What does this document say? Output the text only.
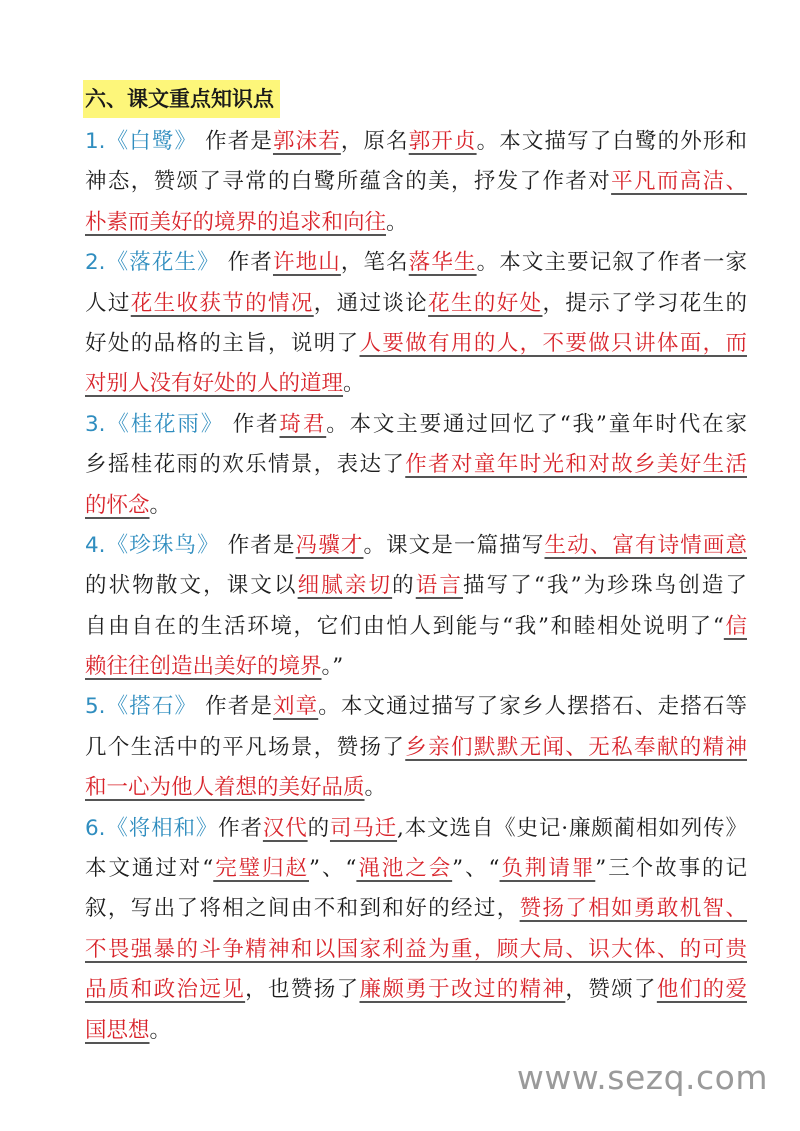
六、课文重点知识点
1.《白鹭》 作者是郭沫若，原名郭开贞。本文描写了白鹭的外形和
神态，赞颂了寻常的白鹭所蕴含的美，抒发了作者对平凡而高洁、
朴素而美好的境界的追求和向往。
2.《落花生》 作者许地山，笔名落华生。本文主要记叙了作者一家
人过花生收获节的情况，通过谈论花生的好处，提示了学习花生的
好处的品格的主旨，说明了人要做有用的人，不要做只讲体面，而
对别人没有好处的人的道理。
3.《桂花雨》 作者琦君。本文主要通过回忆了“我”童年时代在家
乡摇桂花雨的欢乐情景，表达了作者对童年时光和对故乡美好生活
的怀念。
4.《珍珠鸟》 作者是冯骥才。课文是一篇描写生动、富有诗情画意
的状物散文，课文以细腻亲切的语言描写了“我”为珍珠鸟创造了
自由自在的生活环境，它们由怕人到能与“我”和睦相处说明了“信
赖往往创造出美好的境界。”
5.《搭石》 作者是刘章。本文通过描写了家乡人摆搭石、走搭石等
几个生活中的平凡场景，赞扬了乡亲们默默无闻、无私奉献的精神
和一心为他人着想的美好品质。
6.《将相和》作者汉代的司马迁,本文选自《史记·廉颇蔺相如列传》
本文通过对“完璧归赵”、“渑池之会”、“负荆请罪”三个故事的记
叙，写出了将相之间由不和到和好的经过，赞扬了相如勇敢机智、
不畏强暴的斗争精神和以国家利益为重，顾大局、识大体、的可贵
品质和政治远见，也赞扬了廉颇勇于改过的精神，赞颂了他们的爱
国思想。
www.sezq.com
